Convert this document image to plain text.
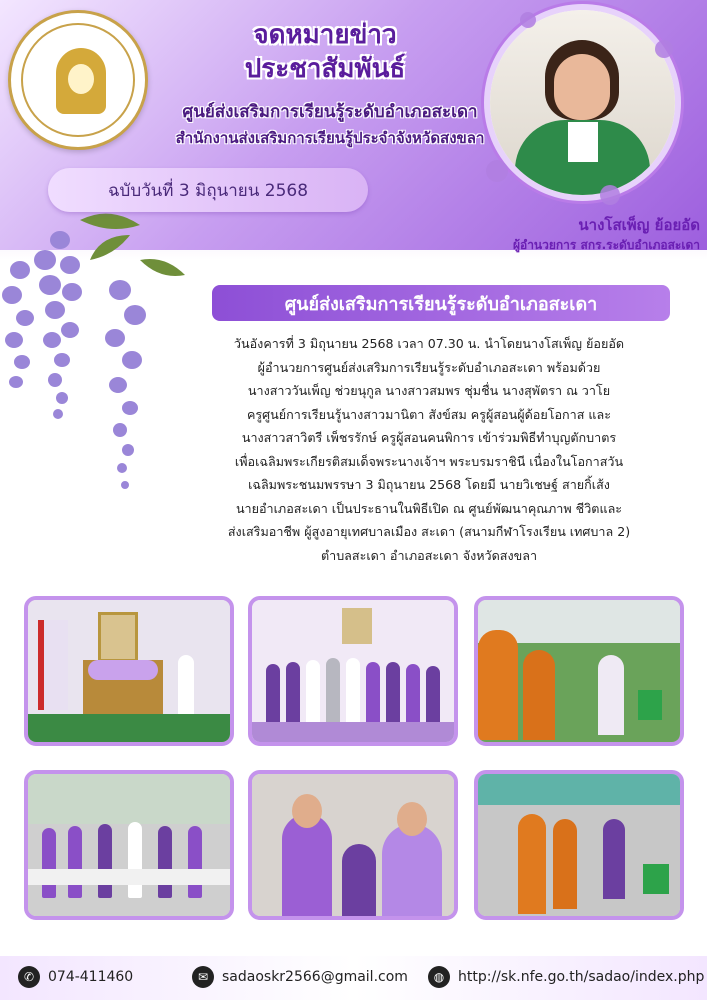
จดหมายข่าว
ประชาสัมพันธ์
ศูนย์ส่งเสริมการเรียนรู้ระดับอำเภอสะเดา
สำนักงานส่งเสริมการเรียนรู้ประจำจังหวัดสงขลา
ฉบับวันที่ 3 มิถุนายน 2568
นางโสเพ็ญ ย้อยอัด
ผู้อำนวยการ สกร.ระดับอำเภอสะเดา
ศูนย์ส่งเสริมการเรียนรู้ระดับอำเภอสะเดา
วันอังคารที่ 3 มิถุนายน 2568 เวลา 07.30 น. นำโดยนางโสเพ็ญ ย้อยอัด
ผู้อำนวยการศูนย์ส่งเสริมการเรียนรู้ระดับอำเภอสะเดา พร้อมด้วย
นางสาววันเพ็ญ ช่วยนุกูล นางสาวสมพร ชุ่มชื่น นางสุพัตรา ณ วาโย
ครูศูนย์การเรียนรู้นางสาวมานิตา สังข์สม ครูผู้สอนผู้ด้อยโอกาส และ
นางสาวสาวิตรี เพ็ชรรักษ์ ครูผู้สอนคนพิการ เข้าร่วมพิธีทำบุญตักบาตร
เพื่อเฉลิมพระเกียรติสมเด็จพระนางเจ้าฯ พระบรมราชินี เนื่องในโอกาสวัน
เฉลิมพระชนมพรรษา 3 มิถุนายน 2568 โดยมี นายวิเชษฐ์ สายกิ้เส้ง
นายอำเภอสะเดา เป็นประธานในพิธีเปิด ณ ศูนย์พัฒนาคุณภาพ ชีวิตและ
ส่งเสริมอาชีพ ผู้สูงอายุเทศบาลเมือง สะเดา (สนามกีฬาโรงเรียน เทศบาล 2)
ตำบลสะเดา อำเภอสะเดา จังหวัดสงขลา
✆ 074-411460	✉ sadaoskr2566@gmail.com	◍ http://sk.nfe.go.th/sadao/index.php
